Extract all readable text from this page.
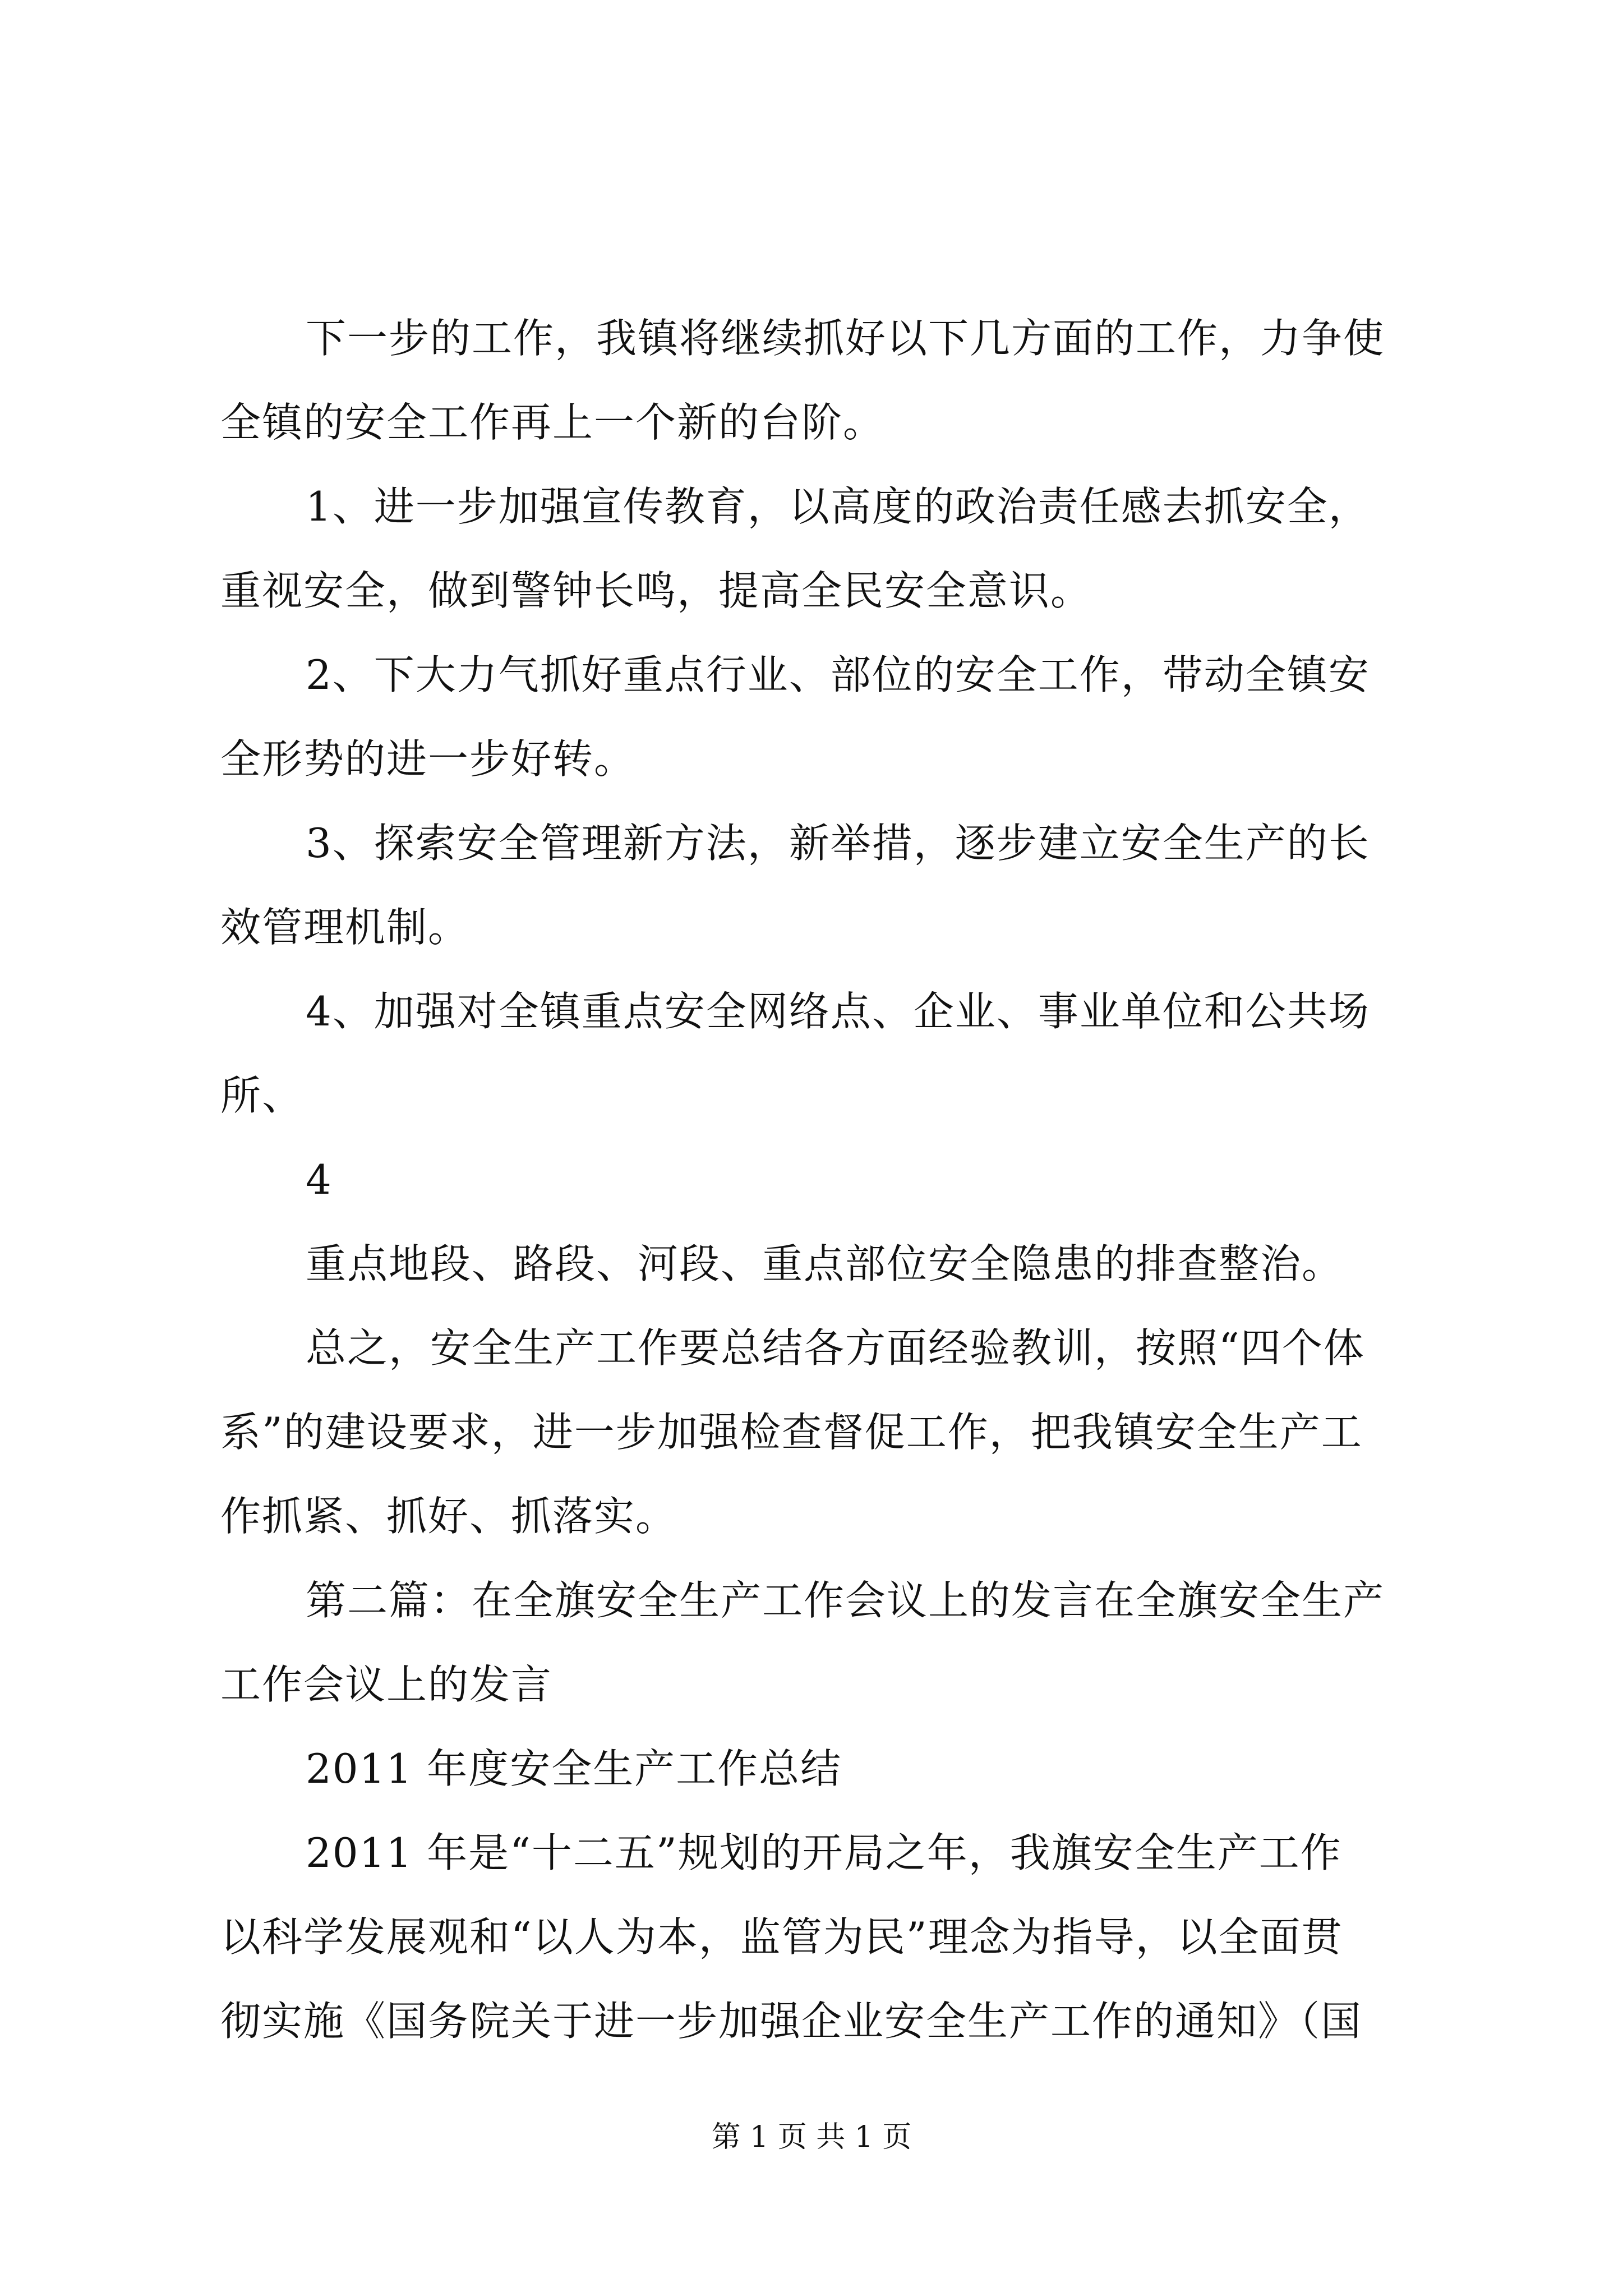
下一步的工作，我镇将继续抓好以下几方面的工作，力争使
全镇的安全工作再上一个新的台阶。
1、进一步加强宣传教育，以高度的政治责任感去抓安全，
重视安全，做到警钟长鸣，提高全民安全意识。
2、下大力气抓好重点行业、部位的安全工作，带动全镇安
全形势的进一步好转。
3、探索安全管理新方法，新举措，逐步建立安全生产的长
效管理机制。
4、加强对全镇重点安全网络点、企业、事业单位和公共场
所、
4
重点地段、路段、河段、重点部位安全隐患的排查整治。
总之，安全生产工作要总结各方面经验教训，按照“四个体
系”的建设要求，进一步加强检查督促工作，把我镇安全生产工
作抓紧、抓好、抓落实。
第二篇：在全旗安全生产工作会议上的发言在全旗安全生产
工作会议上的发言
2011 年度安全生产工作总结
2011 年是“十二五”规划的开局之年，我旗安全生产工作
以科学发展观和“以人为本，监管为民”理念为指导，以全面贯
彻实施《国务院关于进一步加强企业安全生产工作的通知》（国
第 1 页 共 1 页
